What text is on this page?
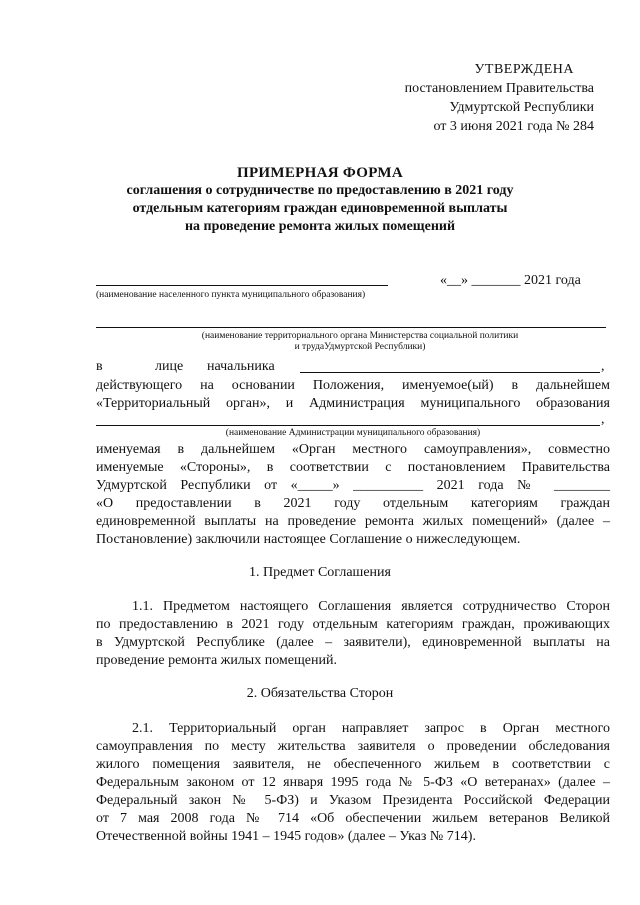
УТВЕРЖДЕНА
постановлением Правительства
Удмуртской Республики
от 3 июня 2021 года № 284
ПРИМЕРНАЯ ФОРМА
соглашения о сотрудничестве по предоставлению в 2021 году
отдельным категориям граждан единовременной выплаты
на проведение ремонта жилых помещений
«__» _______ 2021 года
(наименование населенного пункта муниципального образования)
(наименование территориального органа Министерства социальной политики
и трудаУдмуртской Республики)
в	лице начальника	,
действующего на основании Положения, именуемое(ый) в дальнейшем
«Территориальный орган», и Администрация муниципального образования
,
(наименование Администрации муниципального образования)
именуемая в дальнейшем «Орган местного самоуправления», совместно
именуемые «Стороны», в соответствии с постановлением Правительства
Удмуртской Республики от «_____» __________ 2021 года № ________
«О предоставлении в 2021 году отдельным категориям граждан
единовременной выплаты на проведение ремонта жилых помещений» (далее –
Постановление) заключили настоящее Соглашение о нижеследующем.
1. Предмет Соглашения
1.1. Предметом настоящего Соглашения является сотрудничество Сторон
по предоставлению в 2021 году отдельным категориям граждан, проживающих
в Удмуртской Республике (далее – заявители), единовременной выплаты на
проведение ремонта жилых помещений.
2. Обязательства Сторон
2.1. Территориальный орган направляет запрос в Орган местного
самоуправления по месту жительства заявителя о проведении обследования
жилого помещения заявителя, не обеспеченного жильем в соответствии с
Федеральным законом от 12 января 1995 года № 5-ФЗ «О ветеранах» (далее –
Федеральный закон № 5-ФЗ) и Указом Президента Российской Федерации
от 7 мая 2008 года № 714 «Об обеспечении жильем ветеранов Великой
Отечественной войны 1941 – 1945 годов» (далее – Указ № 714).
